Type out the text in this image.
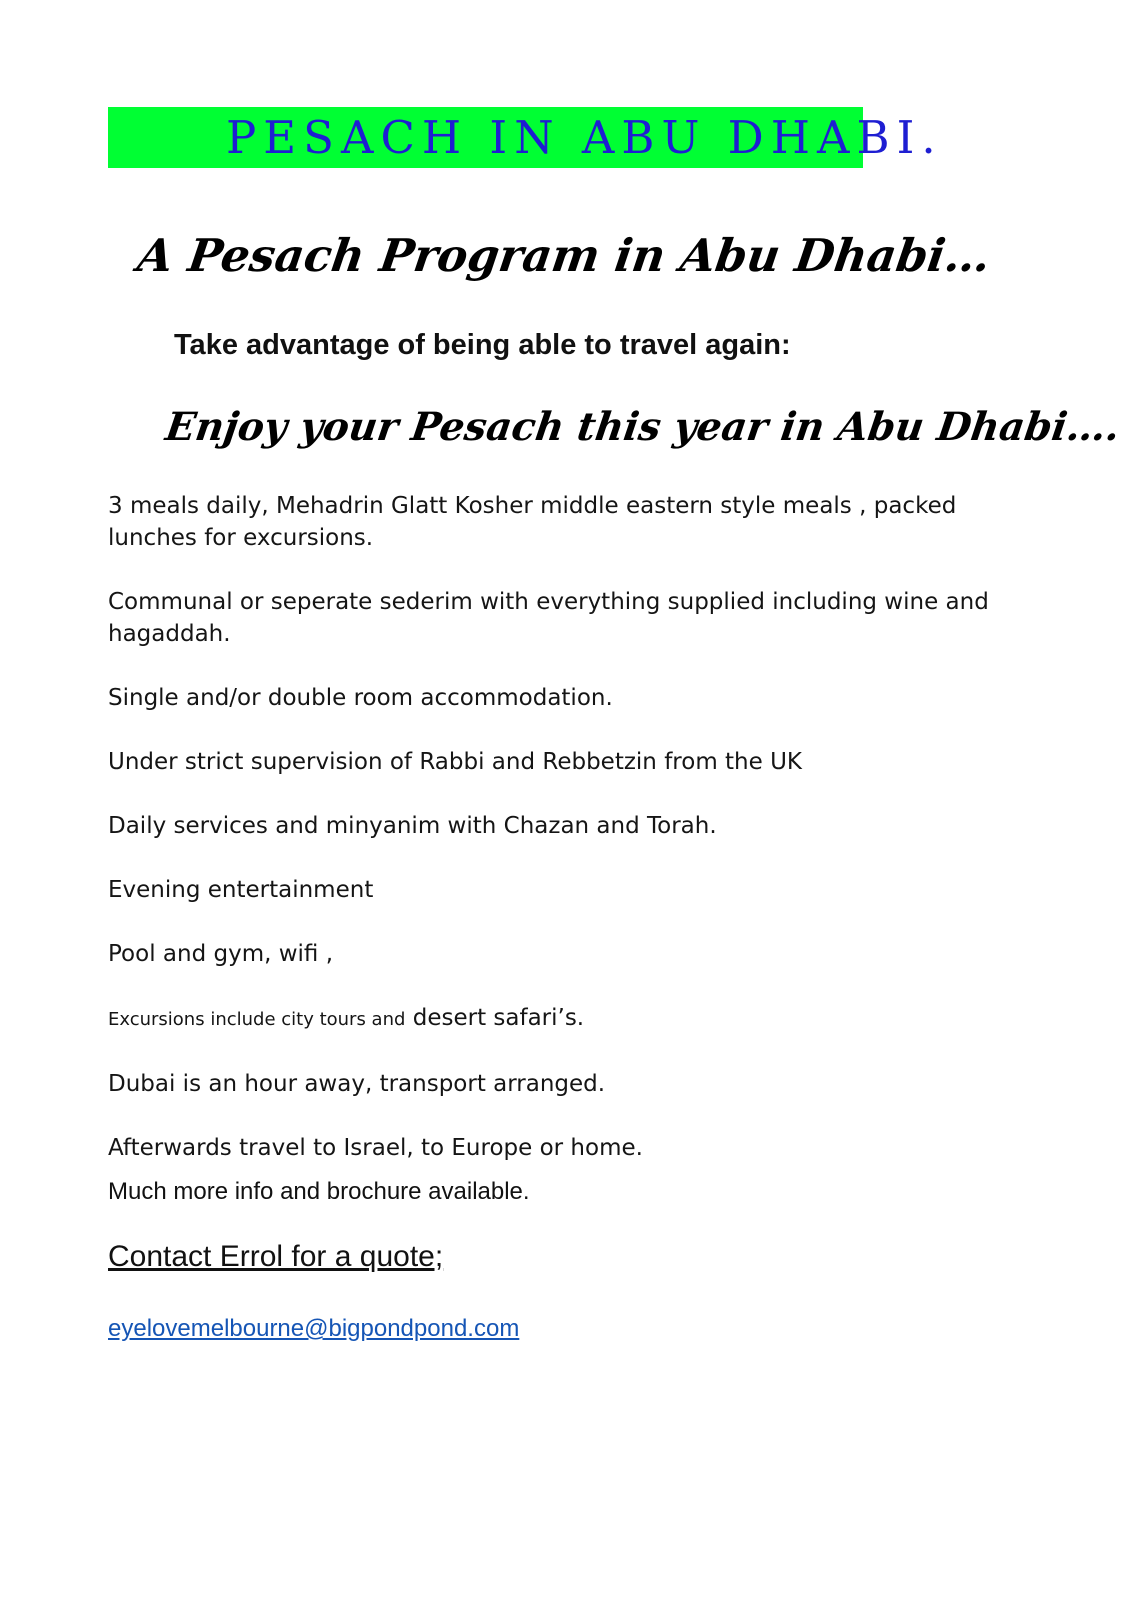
PESACH IN ABU DHABI.
A Pesach Program in Abu Dhabi…
Take advantage of being able to travel again:
Enjoy your Pesach this year in Abu Dhabi….
3 meals daily, Mehadrin Glatt Kosher middle eastern style meals , packed lunches for excursions.
Communal or seperate sederim with everything supplied including wine and hagaddah.
Single and/or double room accommodation.
Under strict supervision of Rabbi and Rebbetzin from the UK
Daily services and minyanim with Chazan and Torah.
Evening entertainment
Pool and gym, wifi ,
Excursions include city tours and desert safari’s.
Dubai is an hour away, transport arranged.
Afterwards travel to Israel, to Europe or home.
Much more info and brochure available.
Contact Errol for a quote;
eyelovemelbourne@bigpondpond.com
